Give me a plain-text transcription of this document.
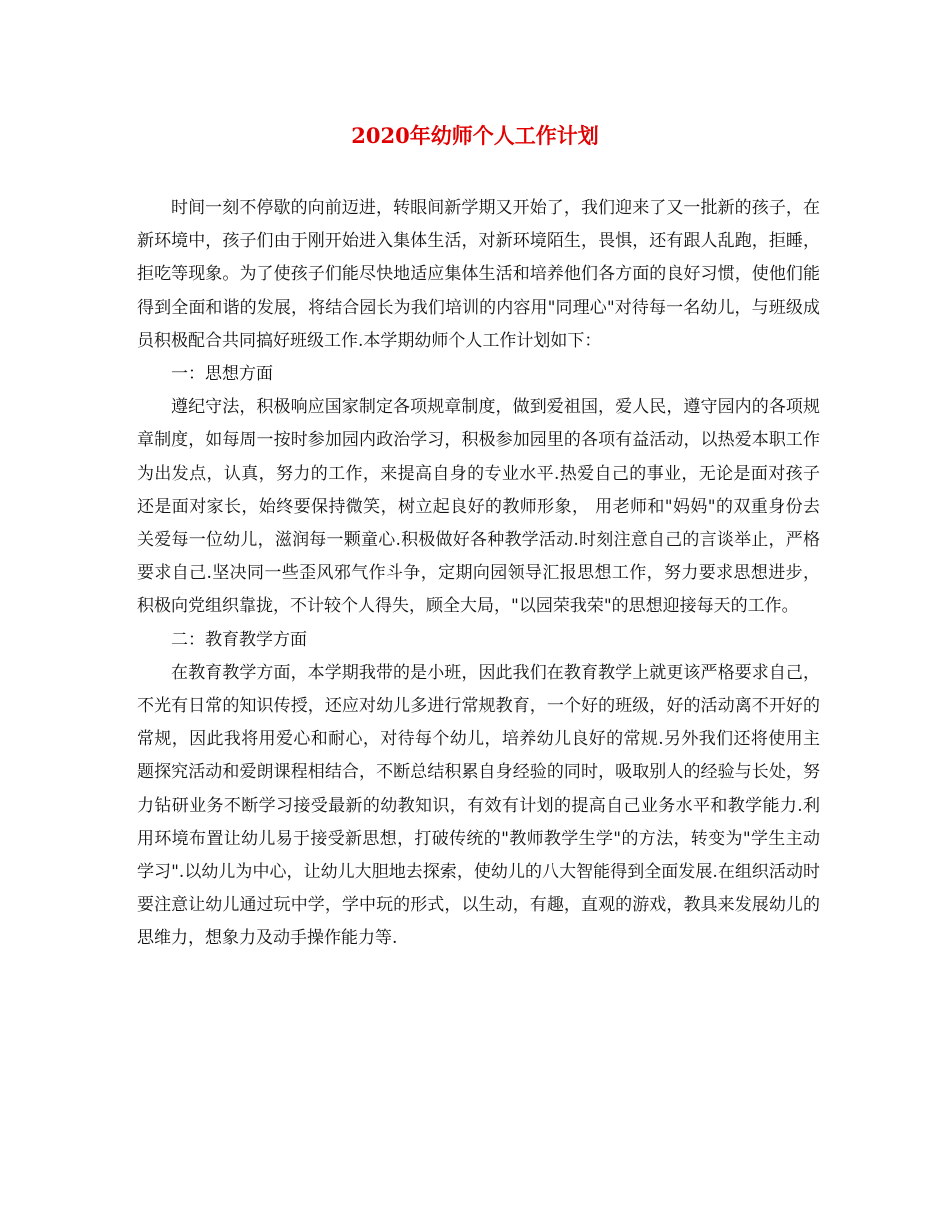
2020年幼师个人工作计划

时间一刻不停歇的向前迈进，转眼间新学期又开始了，我们迎来了又一批新的孩子，在新环境中，孩子们由于刚开始进入集体生活，对新环境陌生，畏惧，还有跟人乱跑，拒睡，拒吃等现象。为了使孩子们能尽快地适应集体生活和培养他们各方面的良好习惯，使他们能得到全面和谐的发展，将结合园长为我们培训的内容用"同理心"对待每一名幼儿，与班级成员积极配合共同搞好班级工作.本学期幼师个人工作计划如下：

一：思想方面

遵纪守法，积极响应国家制定各项规章制度，做到爱祖国，爱人民，遵守园内的各项规章制度，如每周一按时参加园内政治学习，积极参加园里的各项有益活动，以热爱本职工作为出发点，认真，努力的工作，来提高自身的专业水平.热爱自己的事业，无论是面对孩子还是面对家长，始终要保持微笑，树立起良好的教师形象， 用老师和"妈妈"的双重身份去关爱每一位幼儿，滋润每一颗童心.积极做好各种教学活动.时刻注意自己的言谈举止，严格要求自己.坚决同一些歪风邪气作斗争，定期向园领导汇报思想工作，努力要求思想进步，积极向党组织靠拢，不计较个人得失，顾全大局，"以园荣我荣"的思想迎接每天的工作。

二：教育教学方面

在教育教学方面，本学期我带的是小班，因此我们在教育教学上就更该严格要求自己，不光有日常的知识传授，还应对幼儿多进行常规教育，一个好的班级，好的活动离不开好的常规，因此我将用爱心和耐心，对待每个幼儿，培养幼儿良好的常规.另外我们还将使用主题探究活动和爱朗课程相结合，不断总结积累自身经验的同时，吸取别人的经验与长处，努力钻研业务不断学习接受最新的幼教知识，有效有计划的提高自己业务水平和教学能力.利用环境布置让幼儿易于接受新思想，打破传统的"教师教学生学"的方法，转变为"学生主动学习".以幼儿为中心，让幼儿大胆地去探索，使幼儿的八大智能得到全面发展.在组织活动时要注意让幼儿通过玩中学，学中玩的形式，以生动，有趣，直观的游戏，教具来发展幼儿的思维力，想象力及动手操作能力等.
